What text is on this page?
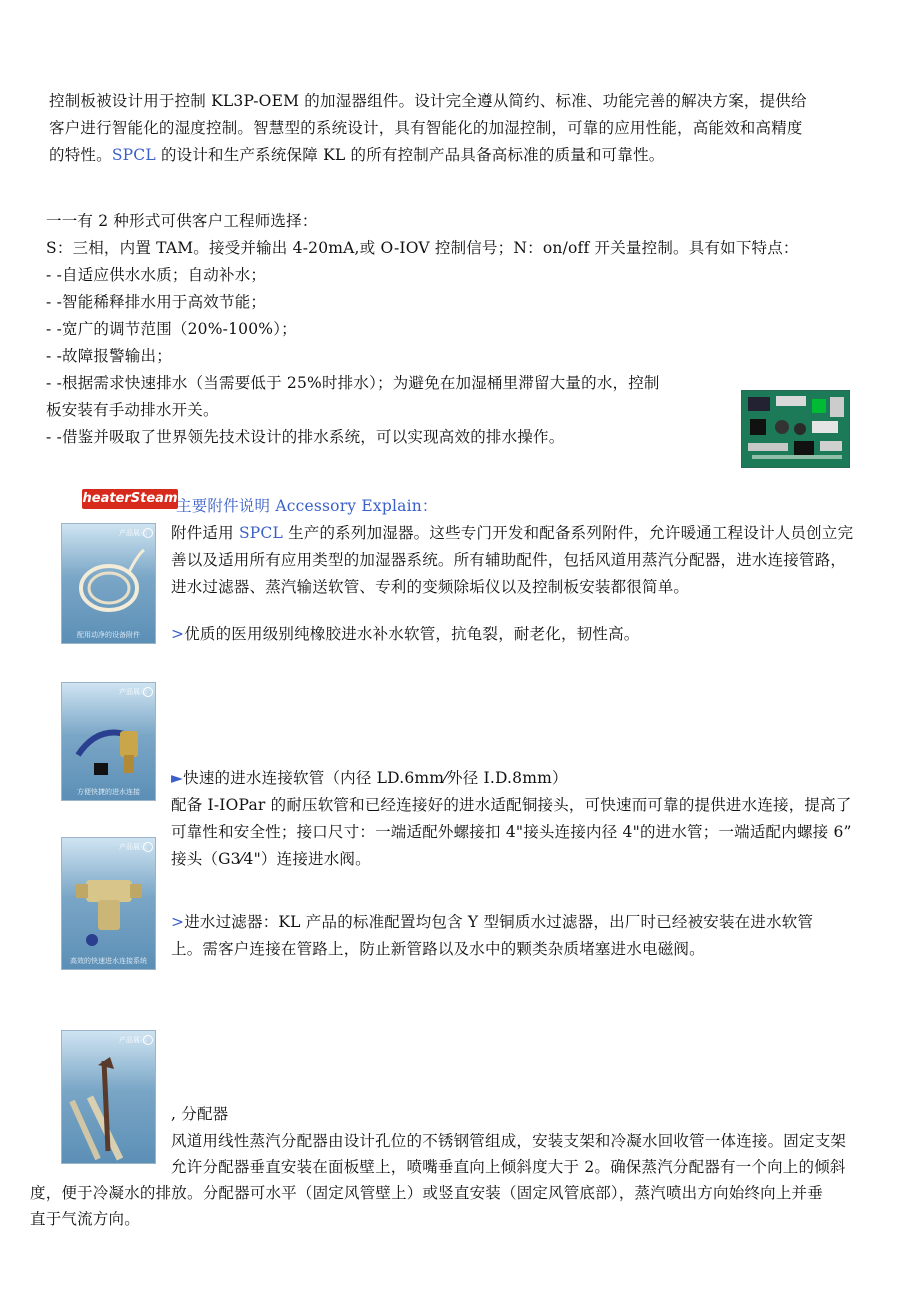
控制板被设计用于控制 KL3P-OEM 的加湿器组件。设计完全遵从简约、标准、功能完善的解决方案，提供给
客户进行智能化的湿度控制。智慧型的系统设计，具有智能化的加湿控制，可靠的应用性能，高能效和高精度
的特性。SPCL 的设计和生产系统保障 KL 的所有控制产品具备高标准的质量和可靠性。
一一有 2 种形式可供客户工程师选择：
S：三相，内置 TAM。接受并输出 4-20mA,或 O-IOV 控制信号；N：on/off 开关量控制。具有如下特点：
- -自适应供水水质；自动补水；
- -智能稀释排水用于高效节能；
- -宽广的调节范围（20%-100%）；
- -故障报警输出；
- -根据需求快速排水（当需要低于 25%时排水）；为避免在加湿桶里滞留大量的水，控制
板安装有手动排水开关。
- -借鉴并吸取了世界领先技术设计的排水系统，可以实现高效的排水操作。
heaterSteam
主要附件说明 Accessory Explain：
附件适用 SPCL 生产的系列加湿器。这些专门开发和配备系列附件，允许暖通工程设计人员创立完
善以及适用所有应用类型的加湿器系统。所有辅助配件，包括风道用蒸汽分配器，进水连接管路，
进水过滤器、蒸汽输送软管、专利的变频除垢仪以及控制板安装都很简单。
>优质的医用级别纯橡胶进水补水软管，抗龟裂，耐老化，韧性高。
►快速的进水连接软管（内径 LD.6mm⁄外径 I.D.8mm）
配备 I-IOPar 的耐压软管和已经连接好的进水适配铜接头，可快速而可靠的提供进水连接，提高了
可靠性和安全性；接口尺寸：一端适配外螺接扣 4"接头连接内径 4"的进水管；一端适配内螺接 6”
接头（G3⁄4"）连接进水阀。
>进水过滤器：KL 产品的标准配置均包含 Y 型铜质水过滤器，出厂时已经被安装在进水软管
上。需客户连接在管路上，防止新管路以及水中的颗类杂质堵塞进水电磁阀。
, 分配器
风道用线性蒸汽分配器由设计孔位的不锈钢管组成，安装支架和冷凝水回收管一体连接。固定支架
允许分配器垂直安装在面板壁上，喷嘴垂直向上倾斜度大于 2。确保蒸汽分配器有一个向上的倾斜
度，便于冷凝水的排放。分配器可水平（固定风管壁上）或竖直安装（固定风管底部），蒸汽喷出方向始终向上并垂
直于气流方向。
产品展示
配用动净的设备附件
产品展示
方便快捷的进水连接
产品展示
高效的快速进水连接系统
产品展示
